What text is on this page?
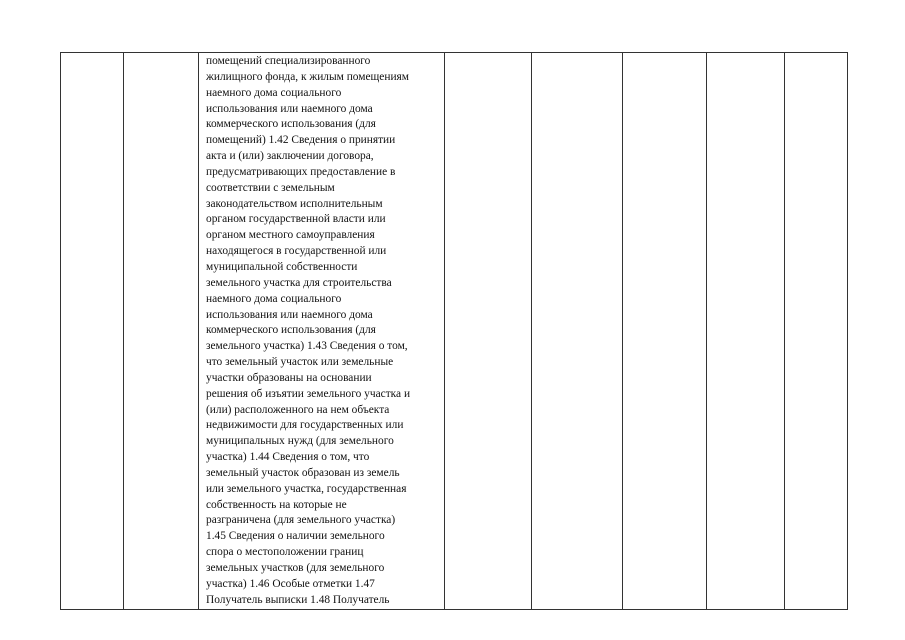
помещений специализированного
жилищного фонда, к жилым помещениям
наемного дома социального
использования или наемного дома
коммерческого использования (для
помещений) 1.42 Сведения о принятии
акта и (или) заключении договора,
предусматривающих предоставление в
соответствии с земельным
законодательством исполнительным
органом государственной власти или
органом местного самоуправления
находящегося в государственной или
муниципальной собственности
земельного участка для строительства
наемного дома социального
использования или наемного дома
коммерческого использования (для
земельного участка) 1.43 Сведения о том,
что земельный участок или земельные
участки образованы на основании
решения об изъятии земельного участка и
(или) расположенного на нем объекта
недвижимости для государственных или
муниципальных нужд (для земельного
участка) 1.44 Сведения о том, что
земельный участок образован из земель
или земельного участка, государственная
собственность на которые не
разграничена (для земельного участка)
1.45 Сведения о наличии земельного
спора о местоположении границ
земельных участков (для земельного
участка) 1.46 Особые отметки 1.47
Получатель выписки 1.48 Получатель
